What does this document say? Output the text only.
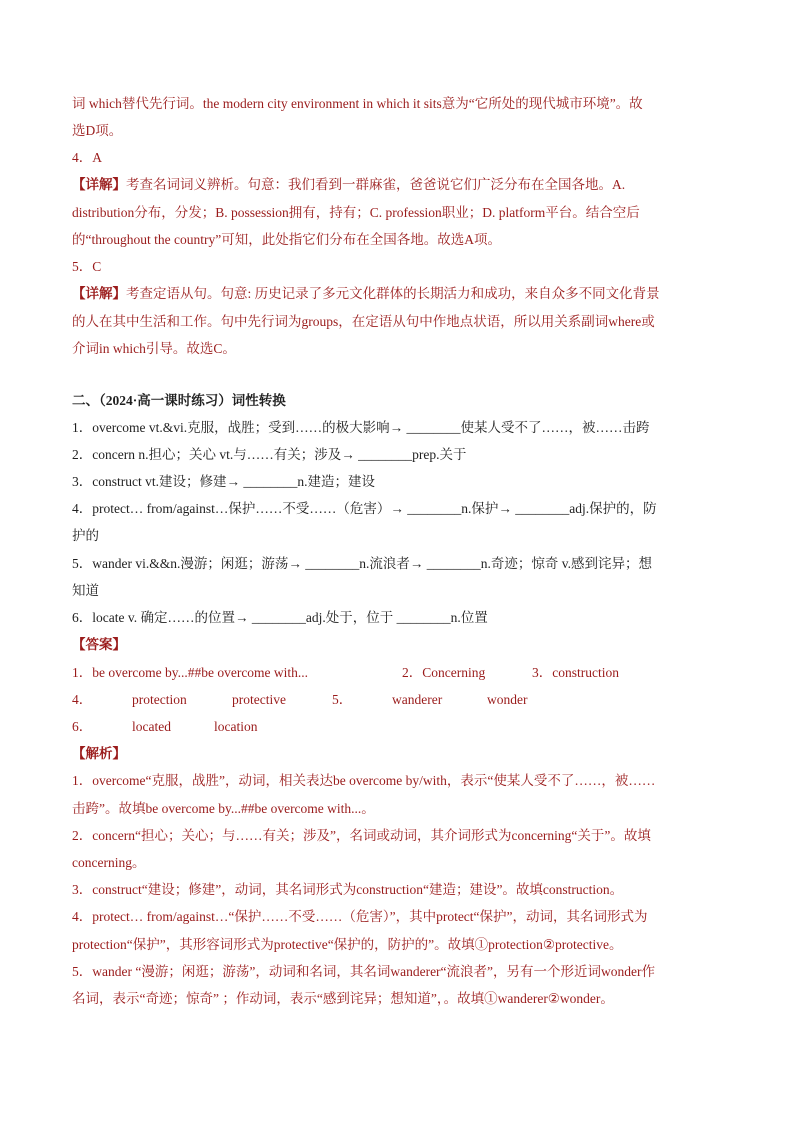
词 which替代先行词。the modern city environment in which it sits意为“它所处的现代城市环境”。故
选D项。
4．A
【详解】考查名词词义辨析。句意：我们看到一群麻雀，爸爸说它们广泛分布在全国各地。A.
distribution分布，分发；B. possession拥有，持有；C. profession职业；D. platform平台。结合空后
的“throughout the country”可知，此处指它们分布在全国各地。故选A项。
5．C
【详解】考查定语从句。句意: 历史记录了多元文化群体的长期活力和成功，来自众多不同文化背景
的人在其中生活和工作。句中先行词为groups，在定语从句中作地点状语，所以用关系副词where或
介词in which引导。故选C。
二、（2024·高一课时练习）词性转换
1．overcome vt.&vi.克服，战胜；受到……的极大影响→ ________使某人受不了……，被……击跨
2．concern n.担心；关心 vt.与……有关；涉及→ ________prep.关于
3．construct vt.建设；修建→ ________n.建造；建设
4．protect… from/against…保护……不受……（危害）→ ________n.保护→ ________adj.保护的，防
护的
5．wander vi.&&n.漫游；闲逛；游荡→ ________n.流浪者→ ________n.奇迹；惊奇 v.感到诧异；想
知道
6．locate v. 确定……的位置→ ________adj.处于，位于 ________n.位置
【答案】
1．be overcome by...##be overcome with...	2．Concerning	3．construction
4．	protection	protective	5．	wanderer	wonder
6．	located	location
【解析】
1．overcome“克服，战胜”，动词，相关表达be overcome by/with，表示“使某人受不了……，被……
击跨”。故填be overcome by...##be overcome with...。
2．concern“担心；关心；与……有关；涉及”，名词或动词，其介词形式为concerning“关于”。故填
concerning。
3．construct“建设；修建”，动词，其名词形式为construction“建造；建设”。故填construction。
4．protect… from/against…“保护……不受……（危害）”，其中protect“保护”，动词，其名词形式为
protection“保护”，其形容词形式为protective“保护的，防护的”。故填①protection②protective。
5．wander “漫游；闲逛；游荡”，动词和名词，其名词wanderer“流浪者”，另有一个形近词wonder作
名词，表示“奇迹；惊奇” ；作动词，表示“感到诧异；想知道”，。故填①wanderer②wonder。
